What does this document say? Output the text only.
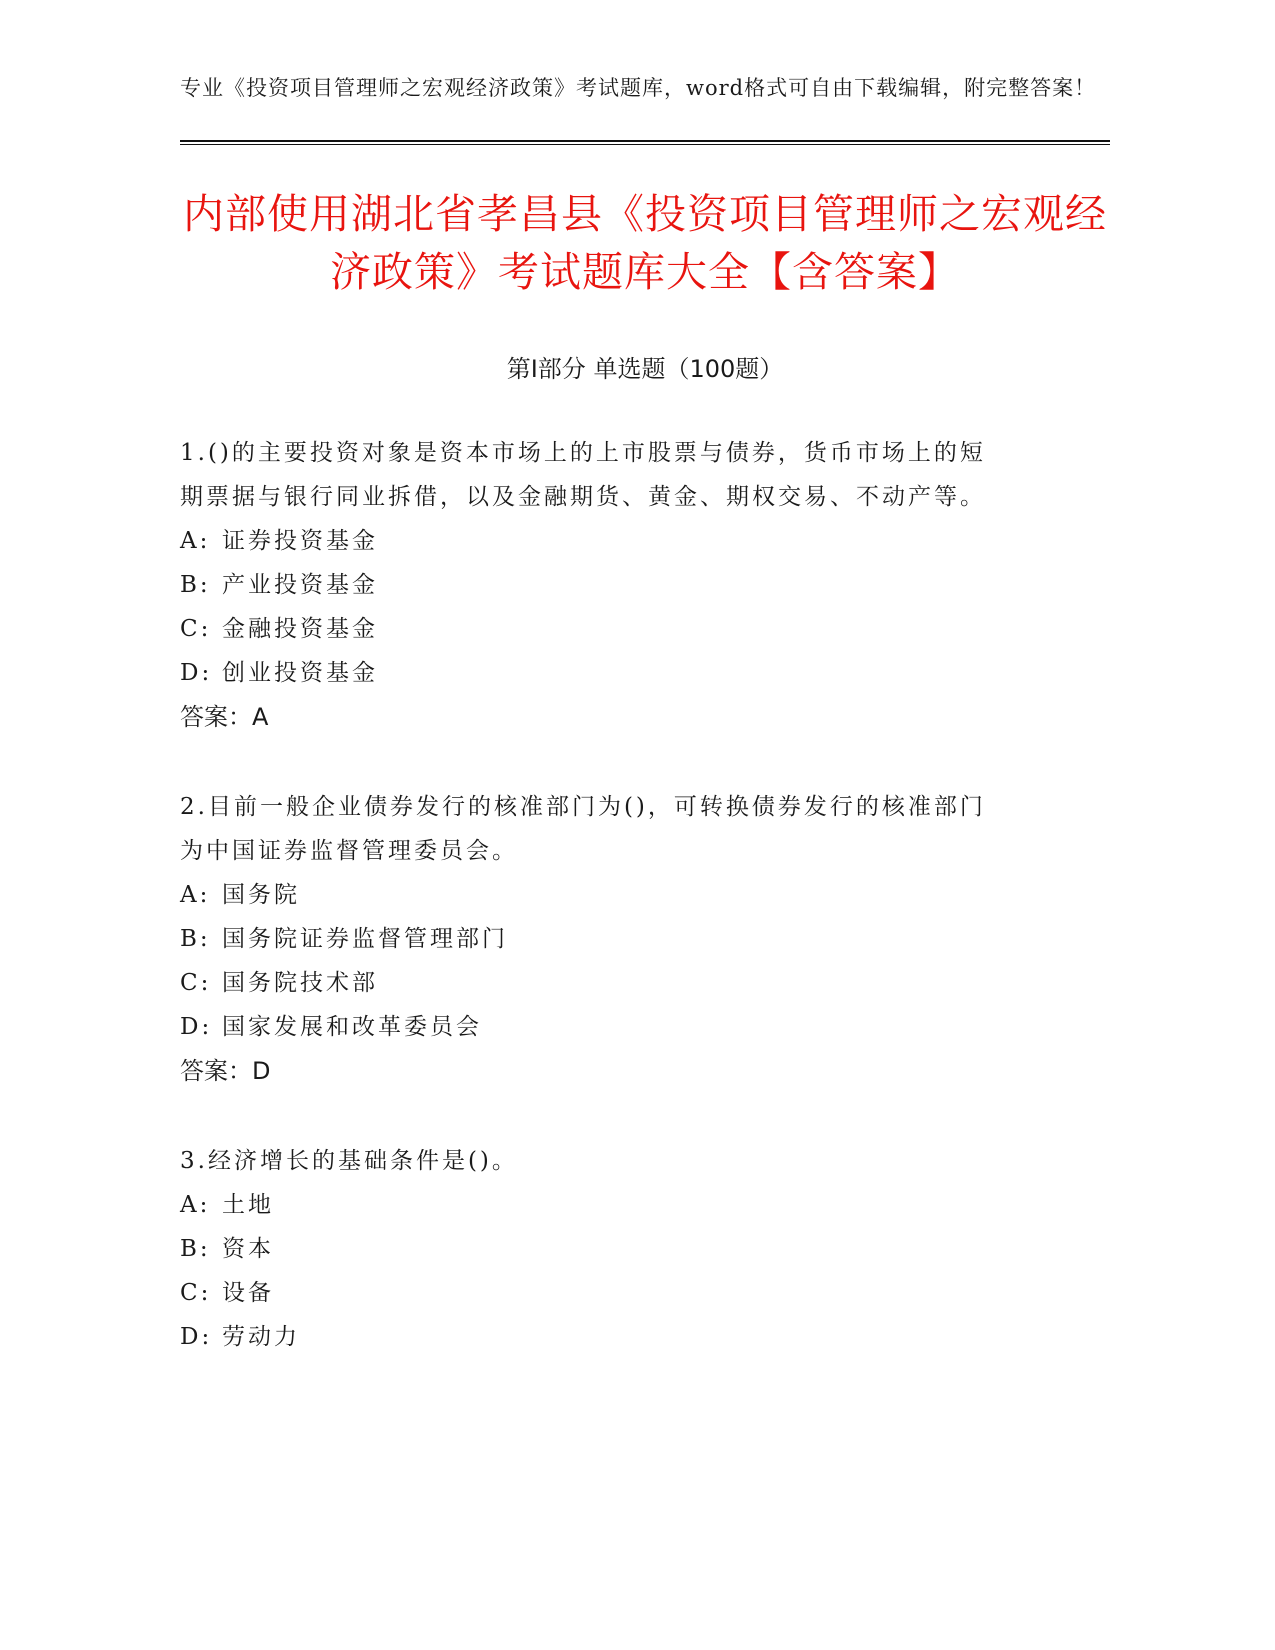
专业《投资项目管理师之宏观经济政策》考试题库，word格式可自由下载编辑，附完整答案！
内部使用湖北省孝昌县《投资项目管理师之宏观经济政策》考试题库大全【含答案】
第Ⅰ部分 单选题（100题）
1.()的主要投资对象是资本市场上的上市股票与债券，货币市场上的短期票据与银行同业拆借，以及金融期货、黄金、期权交易、不动产等。
A: 证券投资基金
B: 产业投资基金
C: 金融投资基金
D: 创业投资基金
答案：A
2.目前一般企业债券发行的核准部门为()，可转换债券发行的核准部门为中国证券监督管理委员会。
A: 国务院
B: 国务院证券监督管理部门
C: 国务院技术部
D: 国家发展和改革委员会
答案：D
3.经济增长的基础条件是()。
A: 土地
B: 资本
C: 设备
D: 劳动力
